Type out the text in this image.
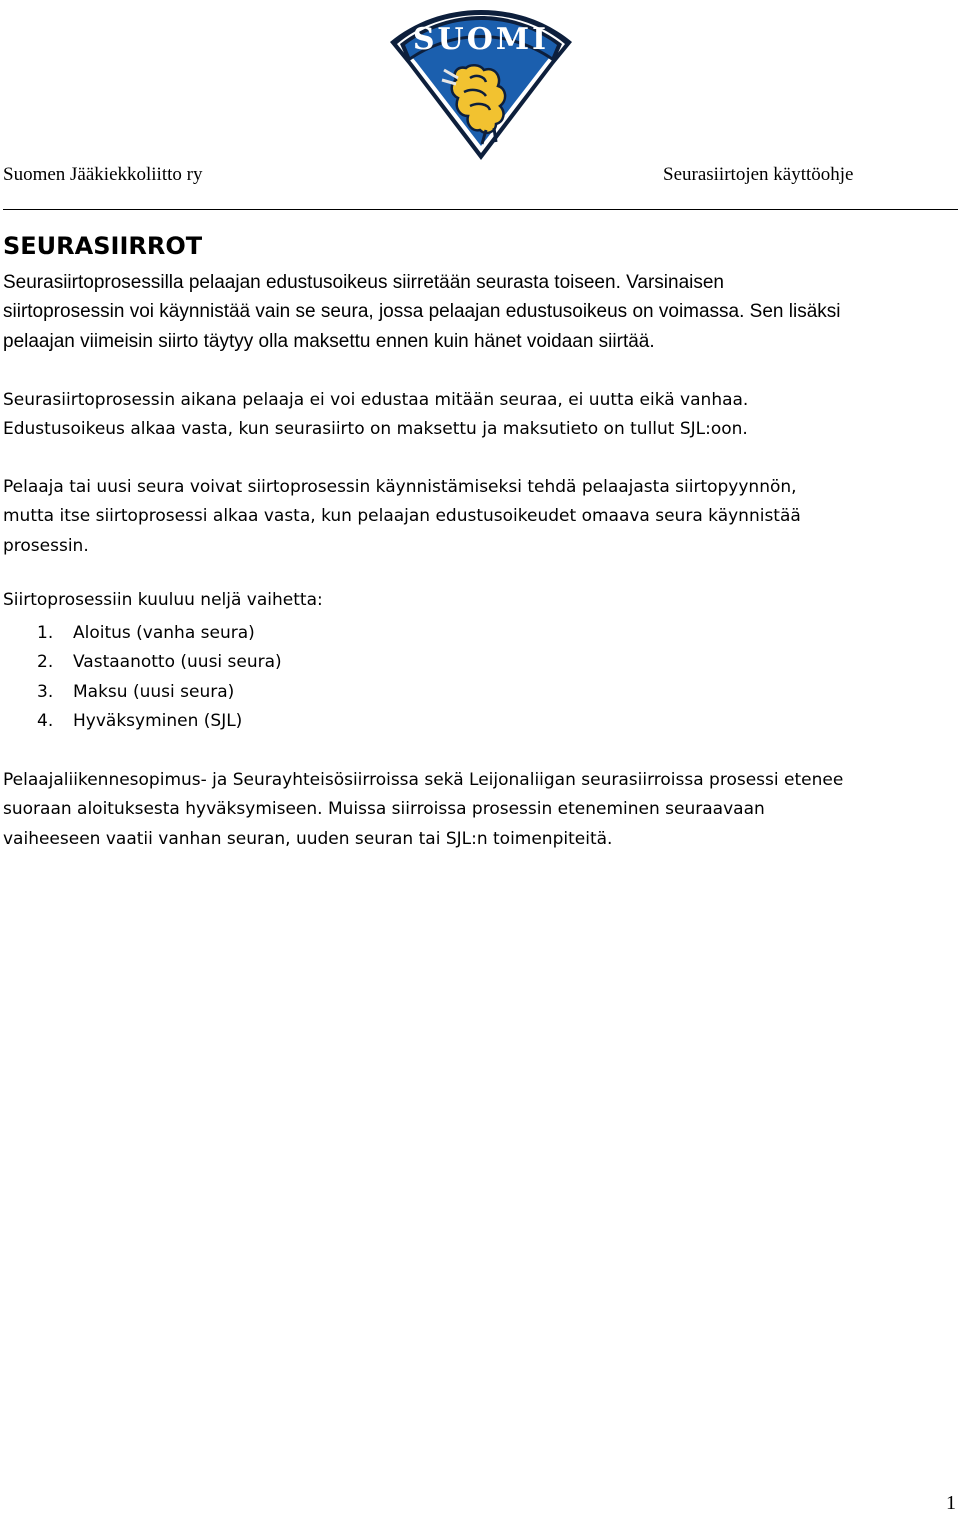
SUOMI
Suomen Jääkiekkoliitto ry	Seurasiirtojen käyttöohje
SEURASIIRROT

Seurasiirtoprosessilla pelaajan edustusoikeus siirretään seurasta toiseen. Varsinaisen
siirtoprosessin voi käynnistää vain se seura, jossa pelaajan edustusoikeus on voimassa. Sen lisäksi
pelaajan viimeisin siirto täytyy olla maksettu ennen kuin hänet voidaan siirtää.

Seurasiirtoprosessin aikana pelaaja ei voi edustaa mitään seuraa, ei uutta eikä vanhaa.
Edustusoikeus alkaa vasta, kun seurasiirto on maksettu ja maksutieto on tullut SJL:oon.

Pelaaja tai uusi seura voivat siirtoprosessin käynnistämiseksi tehdä pelaajasta siirtopyynnön,
mutta itse siirtoprosessi alkaa vasta, kun pelaajan edustusoikeudet omaava seura käynnistää
prosessin.

Siirtoprosessiin kuuluu neljä vaihetta:

1. Aloitus (vanha seura)
2. Vastaanotto (uusi seura)
3. Maksu (uusi seura)
4. Hyväksyminen (SJL)

Pelaajaliikennesopimus- ja Seurayhteisösiirroissa sekä Leijonaliigan seurasiirroissa prosessi etenee
suoraan aloituksesta hyväksymiseen. Muissa siirroissa prosessin eteneminen seuraavaan
vaiheeseen vaatii vanhan seuran, uuden seuran tai SJL:n toimenpiteitä.

1
